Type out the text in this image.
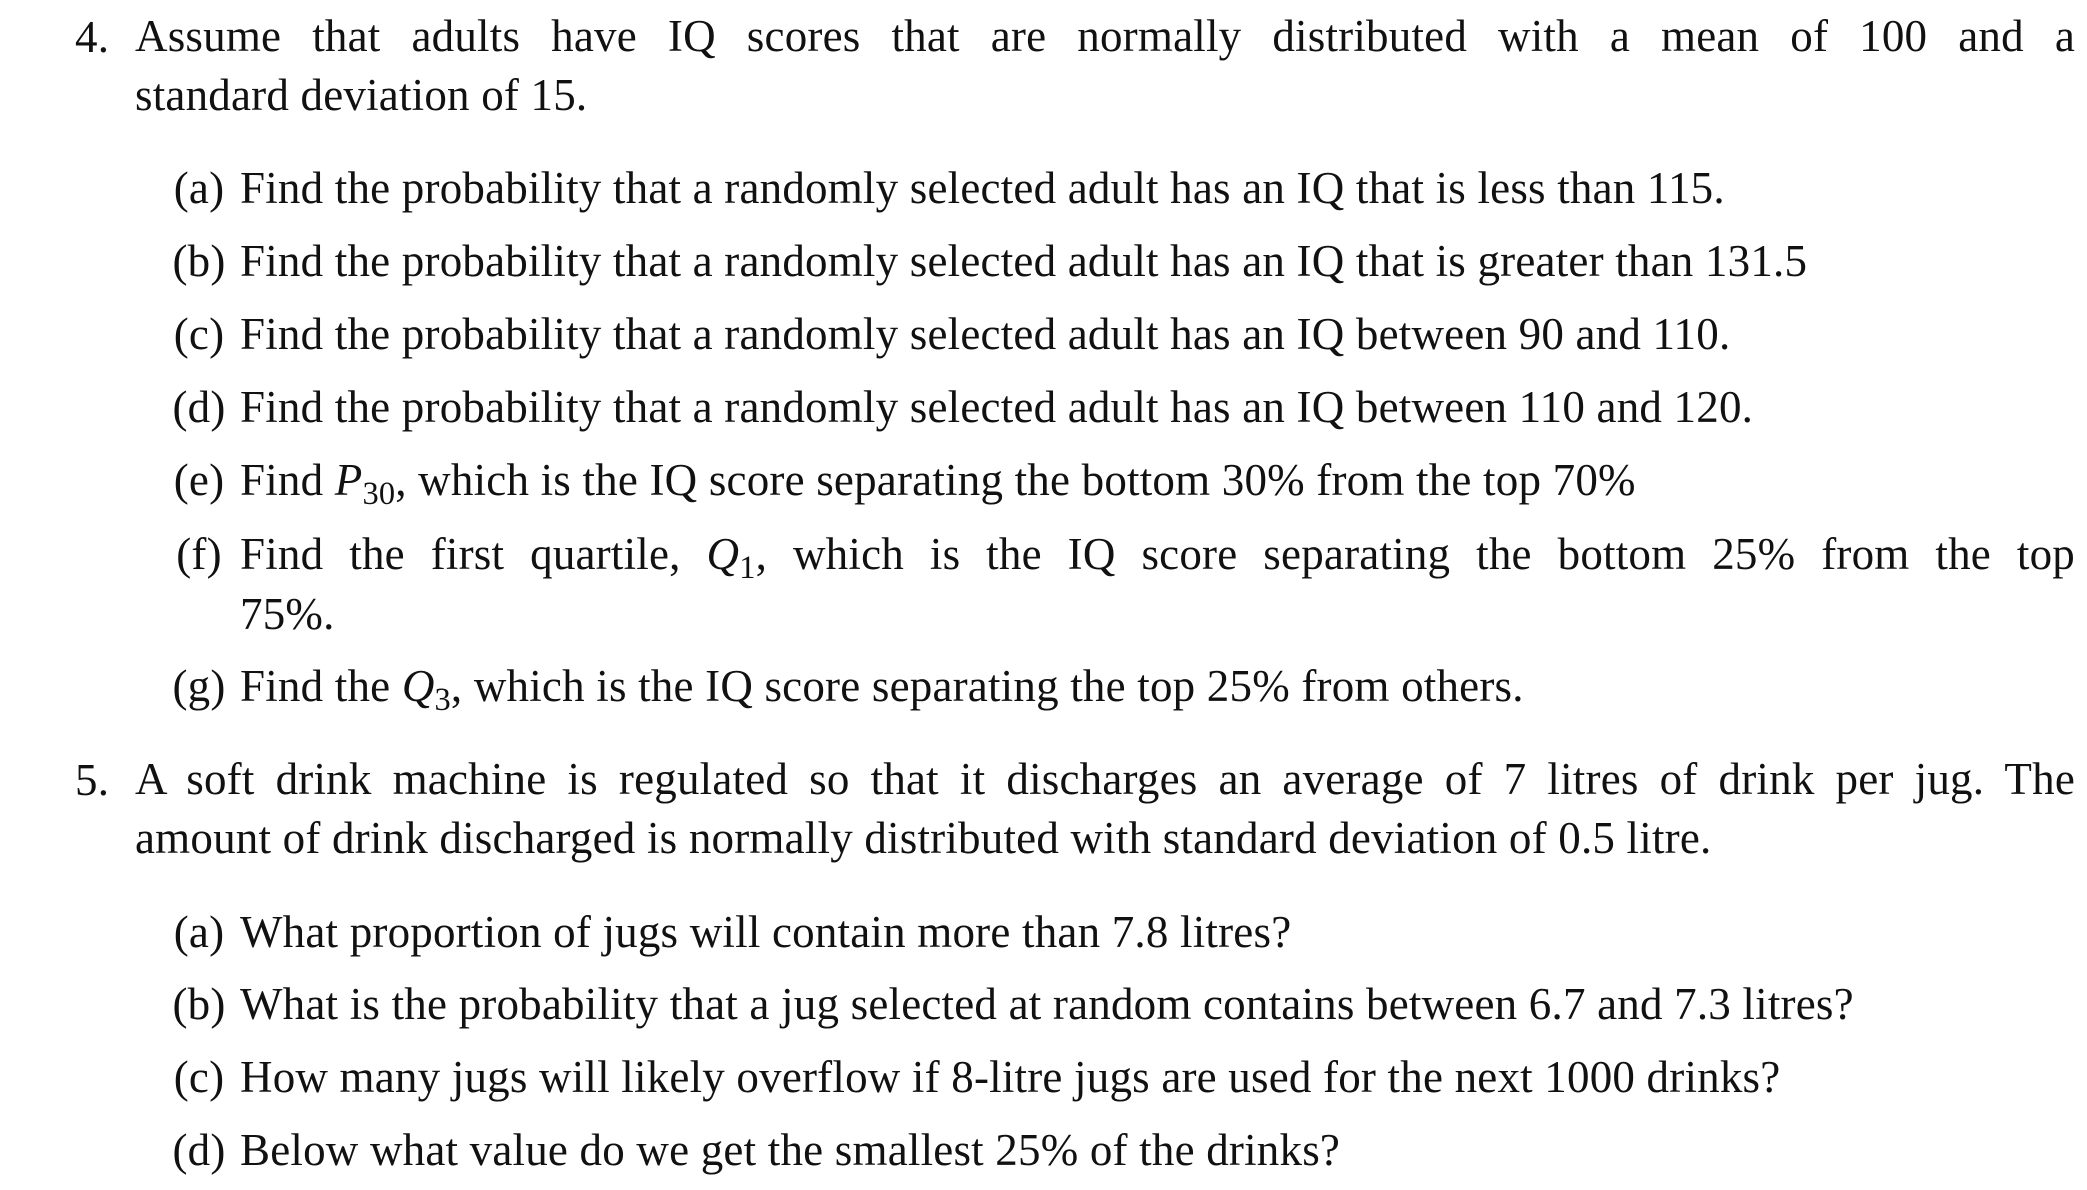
4. Assume that adults have IQ scores that are normally distributed with a mean of 100 and a
standard deviation of 15.
(a) Find the probability that a randomly selected adult has an IQ that is less than 115.
(b) Find the probability that a randomly selected adult has an IQ that is greater than 131.5
(c) Find the probability that a randomly selected adult has an IQ between 90 and 110.
(d) Find the probability that a randomly selected adult has an IQ between 110 and 120.
(e) Find $P_{30}$, which is the IQ score separating the bottom 30% from the top 70%
(f) Find the first quartile, $Q_1$, which is the IQ score separating the bottom 25% from the top
75%.
(g) Find the $Q_3$, which is the IQ score separating the top 25% from others.
5. A soft drink machine is regulated so that it discharges an average of 7 litres of drink per jug. The
amount of drink discharged is normally distributed with standard deviation of 0.5 litre.
(a) What proportion of jugs will contain more than 7.8 litres?
(b) What is the probability that a jug selected at random contains between 6.7 and 7.3 litres?
(c) How many jugs will likely overflow if 8-litre jugs are used for the next 1000 drinks?
(d) Below what value do we get the smallest 25% of the drinks?
